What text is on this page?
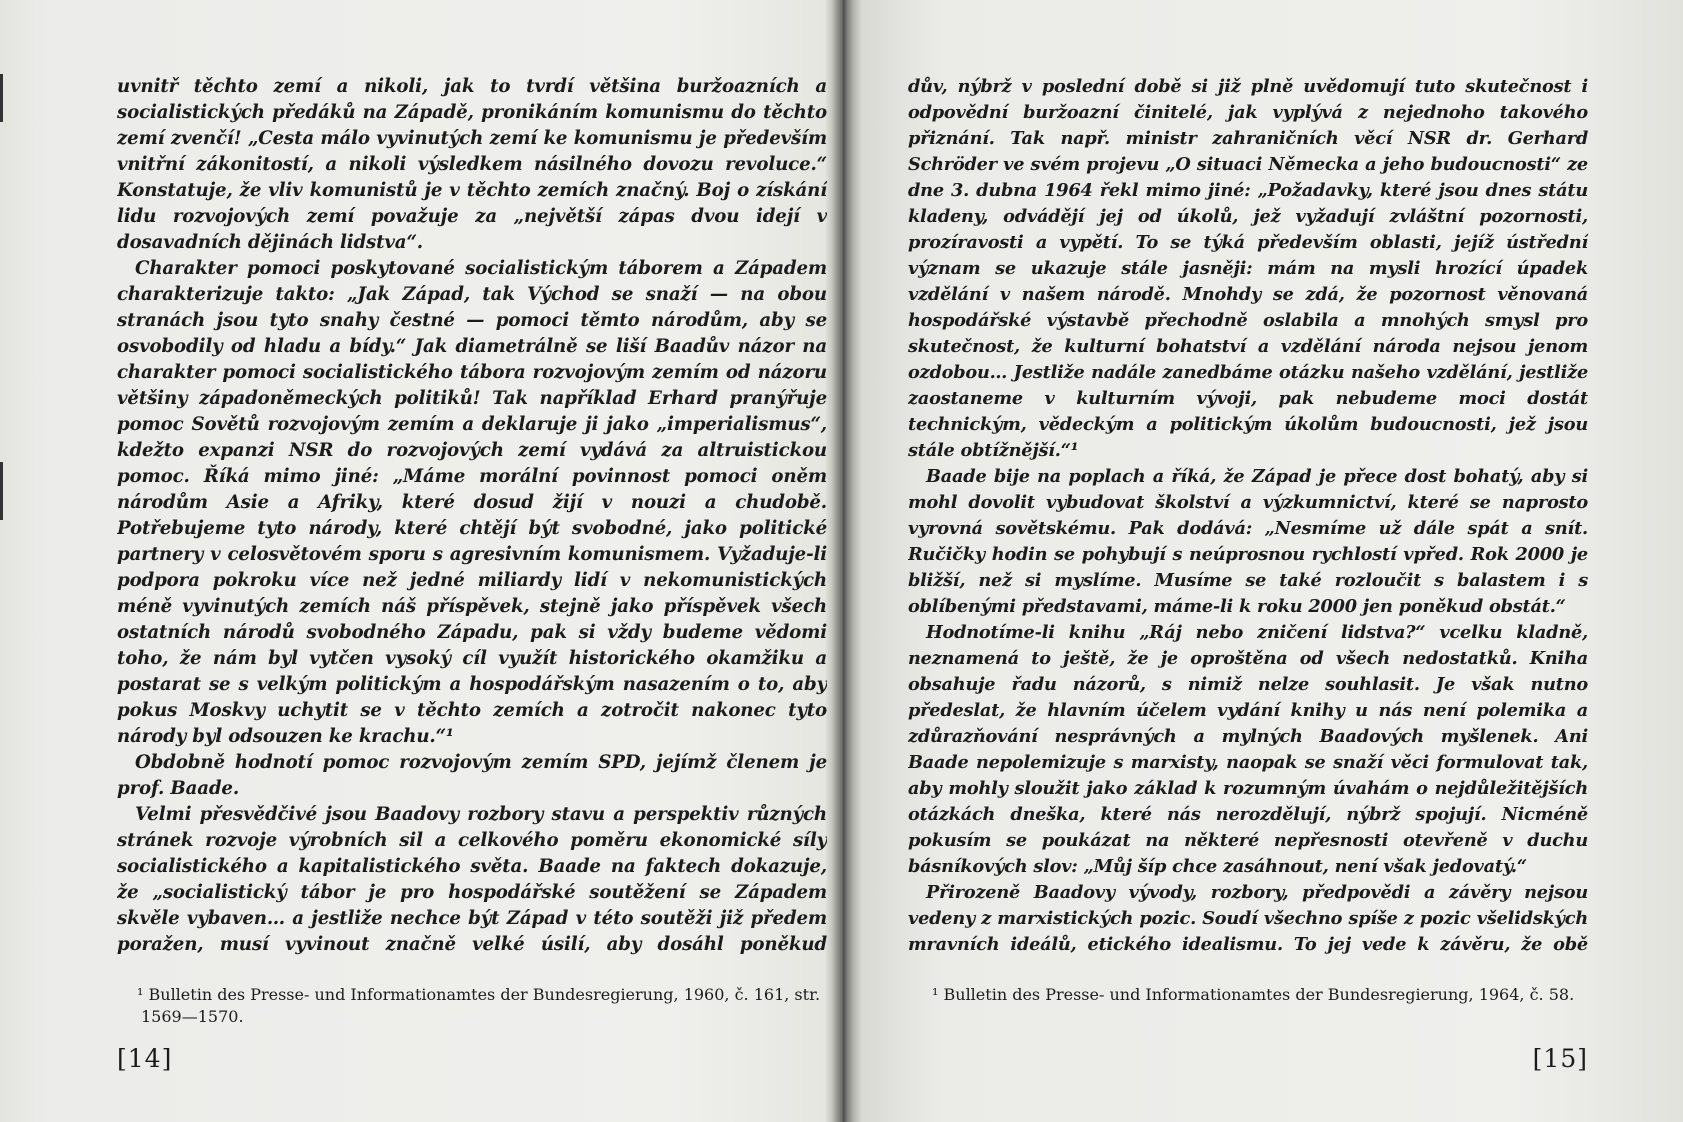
uvnitř těchto zemí a nikoli, jak to tvrdí většina buržoazních a socialistických předáků na Západě, pronikáním komunismu do těchto zemí zvenčí! „Cesta málo vyvinutých zemí ke komunismu je především vnitřní zákonitostí, a nikoli výsledkem násilného dovozu revoluce.“ Konstatuje, že vliv komunistů je v těchto zemích značný. Boj o získání lidu rozvojových zemí považuje za „největší zápas dvou idejí v dosavadních dějinách lidstva“.

Charakter pomoci poskytované socialistickým táborem a Západem charakterizuje takto: „Jak Západ, tak Východ se snaží — na obou stranách jsou tyto snahy čestné — pomoci těmto národům, aby se osvobodily od hladu a bídy.“ Jak diametrálně se liší Baadův názor na charakter pomoci socialistického tábora rozvojovým zemím od názoru většiny západoněmeckých politiků! Tak například Erhard pranýřuje pomoc Sovětů rozvojovým zemím a deklaruje ji jako „imperialismus“, kdežto expanzi NSR do rozvojových zemí vydává za altruistickou pomoc. Říká mimo jiné: „Máme morální povinnost pomoci oněm národům Asie a Afriky, které dosud žijí v nouzi a chudobě. Potřebujeme tyto národy, které chtějí být svobodné, jako politické partnery v celosvětovém sporu s agresivním komunismem. Vyžaduje-li podpora pokroku více než jedné miliardy lidí v nekomunistických méně vyvinutých zemích náš příspěvek, stejně jako příspěvek všech ostatních národů svobodného Západu, pak si vždy budeme vědomi toho, že nám byl vytčen vysoký cíl využít historického okamžiku a postarat se s velkým politickým a hospodářským nasazením o to, aby pokus Moskvy uchytit se v těchto zemích a zotročit nakonec tyto národy byl odsouzen ke krachu.“¹

Obdobně hodnotí pomoc rozvojovým zemím SPD, jejímž členem je prof. Baade.

Velmi přesvědčivé jsou Baadovy rozbory stavu a perspektiv různých stránek rozvoje výrobních sil a celkového poměru ekonomické síly socialistického a kapitalistického světa. Baade na faktech dokazuje, že „socialistický tábor je pro hospodářské soutěžení se Západem skvěle vybaven… a jestliže nechce být Západ v této soutěži již předem poražen, musí vyvinout značně velké úsilí, aby dosáhl poněkud

¹ Bulletin des Presse- und Informationamtes der Bundesregierung, 1960, č. 161, str. 1569—1570.
[14]

dův, nýbrž v poslední době si již plně uvědomují tuto skutečnost i odpovědní buržoazní činitelé, jak vyplývá z nejednoho takového přiznání. Tak např. ministr zahraničních věcí NSR dr. Gerhard Schröder ve svém projevu „O situaci Německa a jeho budoucnosti“ ze dne 3. dubna 1964 řekl mimo jiné: „Požadavky, které jsou dnes státu kladeny, odvádějí jej od úkolů, jež vyžadují zvláštní pozornosti, prozíravosti a vypětí. To se týká především oblasti, jejíž ústřední význam se ukazuje stále jasněji: mám na mysli hrozící úpadek vzdělání v našem národě. Mnohdy se zdá, že pozornost věnovaná hospodářské výstavbě přechodně oslabila a mnohých smysl pro skutečnost, že kulturní bohatství a vzdělání národa nejsou jenom ozdobou… Jestliže nadále zanedbáme otázku našeho vzdělání, jestliže zaostaneme v kulturním vývoji, pak nebudeme moci dostát technickým, vědeckým a politickým úkolům budoucnosti, jež jsou stále obtížnější.“¹

Baade bije na poplach a říká, že Západ je přece dost bohatý, aby si mohl dovolit vybudovat školství a výzkumnictví, které se naprosto vyrovná sovětskému. Pak dodává: „Nesmíme už dále spát a snít. Ručičky hodin se pohybují s neúprosnou rychlostí vpřed. Rok 2000 je bližší, než si myslíme. Musíme se také rozloučit s balastem i s oblíbenými představami, máme-li k roku 2000 jen poněkud obstát.“

Hodnotíme-li knihu „Ráj nebo zničení lidstva?“ vcelku kladně, neznamená to ještě, že je oproštěna od všech nedostatků. Kniha obsahuje řadu názorů, s nimiž nelze souhlasit. Je však nutno předeslat, že hlavním účelem vydání knihy u nás není polemika a zdůrazňování nesprávných a mylných Baadových myšlenek. Ani Baade nepolemizuje s marxisty, naopak se snaží věci formulovat tak, aby mohly sloužit jako základ k rozumným úvahám o nejdůležitějších otázkách dneška, které nás nerozdělují, nýbrž spojují. Nicméně pokusím se poukázat na některé nepřesnosti otevřeně v duchu básníkových slov: „Můj šíp chce zasáhnout, není však jedovatý.“

Přirozeně Baadovy vývody, rozbory, předpovědi a závěry nejsou vedeny z marxistických pozic. Soudí všechno spíše z pozic všelidských mravních ideálů, etického idealismu. To jej vede k závěru, že obě

¹ Bulletin des Presse- und Informationamtes der Bundesregierung, 1964, č. 58.
[15]
